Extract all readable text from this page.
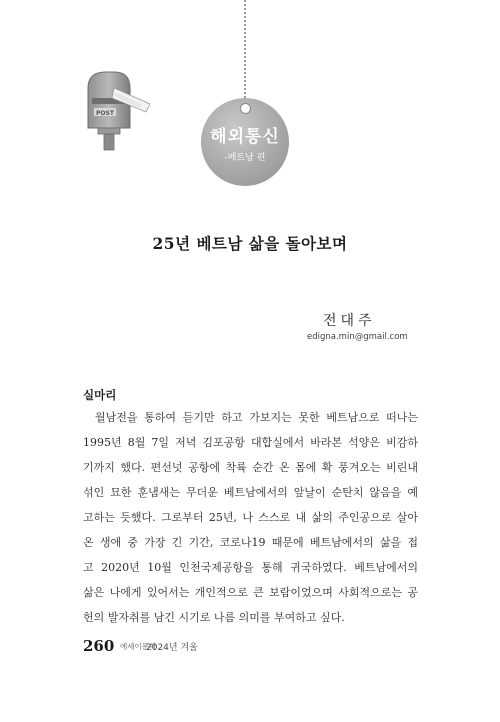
해외통신
-베트남 편
POST
25년 베트남 삶을 돌아보며
전대주
edigna.min@gmail.com
실마리
월남전을 통하여 듣기만 하고 가보지는 못한 베트남으로 떠나는
1995년 8월 7일 저녁 김포공항 대합실에서 바라본 석양은 비감하
기까지 했다. 편선넛 공항에 착륙 순간 온 몸에 확 풍겨오는 비린내
섞인 묘한 훈냄새는 무더운 베트남에서의 앞날이 순탄치 않음을 예
고하는 듯했다. 그로부터 25년, 나 스스로 내 삶의 주인공으로 살아
온 생애 중 가장 긴 기간, 코로나19 때문에 베트남에서의 삶을 접
고 2020년 10월 인천국제공항을 통해 귀국하였다. 베트남에서의
삶은 나에게 있어서는 개인적으로 큰 보람이었으며 사회적으로는 공
헌의 발자취를 남긴 시기로 나름 의미를 부여하고 싶다.
260 에세이문학
2024년 겨울
